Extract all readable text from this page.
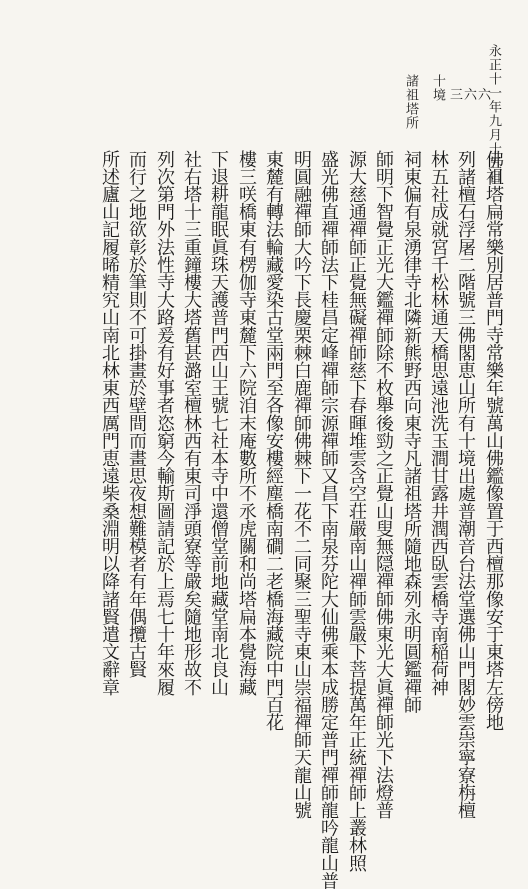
永正十一年九月十五日
三六六
十境
諸祖塔所
佛祖塔扁常樂別居普門寺常樂年號萬山佛鑑像置于西檀那像安于東塔左傍地
列諸檀石浮屠二階號三佛閣恵山所有十境出處普潮音台法堂選佛山門閣妙雲崇寧寮栴檀
林五社成就宮千松林通天橋思遠池洗玉澗甘露井潤西臥雲橋寺南稲荷神
祠東偏有泉湧律寺北隣新熊野西向東寺凡諸祖塔所隨地森列永明圓鑑禪師
師明下智覺正光大鑑禪師除不枚舉後勁之正覺山叟無隠禪師佛東光大眞禪師光下法燈普
源大慈通禪師正覺無礙禪師慈下春暉堆雲含空荘嚴南山禪師雲嚴下菩提萬年正統禪師上叢林照
盛光佛直禪師法下桂昌定峰禪師宗源禪師又昌下南泉芬陀大仙佛乘本成勝定普門禪師龍吟龍山普
明圓融禪師大吟下長慶栗棘白鹿禪師佛棘下一花不二同聚三聖寺東山崇福禪師天龍山號
東麓有轉法輪藏愛染古堂兩門至各像安樓經塵橋南磵二老橋海藏院中門百花
樓三咲橋東有楞伽寺東麓下六院洎末庵數所不氶虎關和尚塔扁本覺海藏
下退耕龍眠眞珠天護普門西山王號七社本寺中還僧堂前地藏堂南北良山
社右塔十三重鐘樓大塔舊甚潞室檀林西有東司淨頭寮等嚴矣隨地形故不
列次第門外法性寺大路爰有好事者恣窮今輸斯圖請記於上焉七十年來履
而行之地欲彰於筆則不可掛畫於壁間而畫思夜想難模者有年偶攬古賢
所述廬山記履晞精究山南北林東西厲門恵遠柴桑淵明以降諸賢遣文辭章
